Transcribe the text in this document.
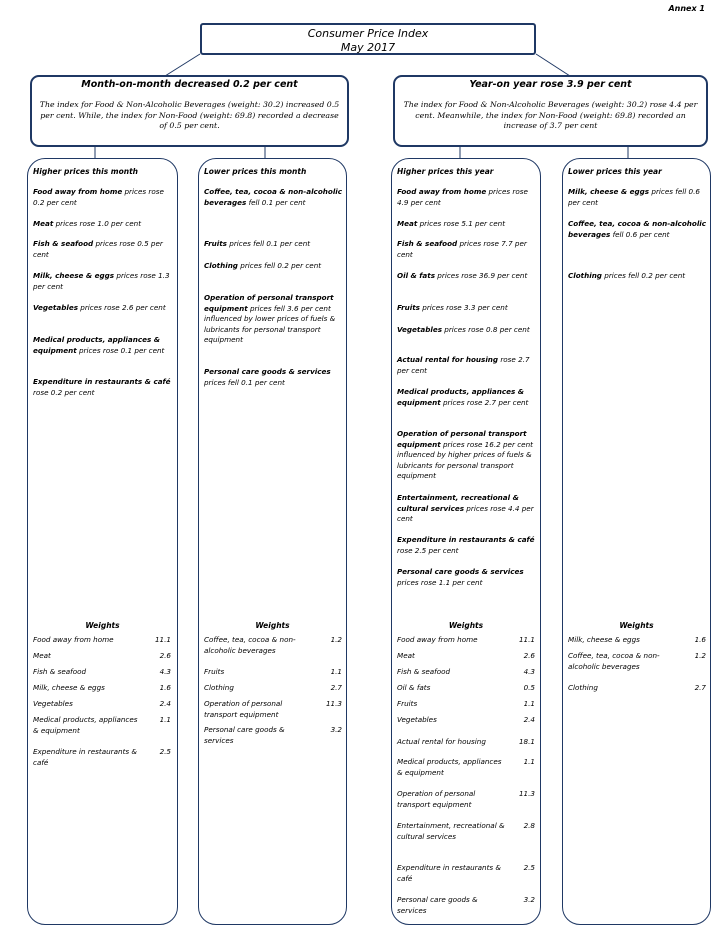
Annex 1
Consumer Price Index
May 2017
Month-on-month decreased 0.2 per cent
The index for Food & Non-Alcoholic Beverages (weight: 30.2) increased 0.5 per cent. While, the index for Non-Food (weight: 69.8) recorded a decrease of 0.5 per cent.
Year-on year rose 3.9 per cent
The index for Food & Non-Alcoholic Beverages (weight: 30.2) rose 4.4 per cent. Meanwhile, the index for Non-Food (weight: 69.8) recorded an increase of 3.7 per cent
Higher prices this month
Food away from home prices rose 0.2 per cent
Meat prices rose 1.0 per cent
Fish & seafood prices rose 0.5 per cent
Milk, cheese & eggs prices rose 1.3 per cent
Vegetables prices rose 2.6 per cent
Medical products, appliances & equipment prices rose 0.1 per cent
Expenditure in restaurants & café rose 0.2 per cent
Weights
Food away from home	11.1
Meat	2.6
Fish & seafood	4.3
Milk, cheese & eggs	1.6
Vegetables	2.4
Medical products, appliances & equipment
1.1
Expenditure in restaurants & café
2.5
Lower prices this month
Coffee, tea, cocoa & non-alcoholic beverages fell 0.1 per cent
Fruits prices fell 0.1 per cent
Clothing prices fell 0.2 per cent
Operation of personal transport equipment prices fell 3.6 per cent influenced by lower prices of fuels & lubricants for personal transport equipment
Personal care goods & services prices fell 0.1 per cent
Weights
Coffee, tea, cocoa & non-alcoholic beverages
1.2
Fruits	1.1
Clothing	2.7
Operation of personal transport equipment
11.3
Personal care goods & services
3.2
Higher prices this year
Food away from home prices rose 4.9 per cent
Meat prices rose 5.1 per cent
Fish & seafood prices rose 7.7 per cent
Oil & fats prices rose 36.9 per cent
Fruits prices rose 3.3 per cent
Vegetables prices rose 0.8 per cent
Actual rental for housing rose 2.7 per cent
Medical products, appliances & equipment prices rose 2.7 per cent
Operation of personal transport equipment prices rose 16.2 per cent influenced by higher prices of fuels & lubricants for personal transport equipment
Entertainment, recreational & cultural services prices rose 4.4 per cent
Expenditure in restaurants & café rose 2.5 per cent
Personal care goods & services prices rose 1.1 per cent
Weights
Food away from home	11.1
Meat	2.6
Fish & seafood	4.3
Oil & fats	0.5
Fruits	1.1
Vegetables	2.4
Actual rental for housing	18.1
Medical products, appliances & equipment
1.1
Operation of personal transport equipment
11.3
Entertainment, recreational & cultural services
2.8
Expenditure in restaurants & café
2.5
Personal care goods & services
3.2
Lower prices this year
Milk, cheese & eggs prices fell 0.6 per cent
Coffee, tea, cocoa & non-alcoholic beverages fell 0.6 per cent
Clothing prices fell 0.2 per cent
Weights
Milk, cheese & eggs	1.6
Coffee, tea, cocoa & non-alcoholic beverages
1.2
Clothing	2.7
